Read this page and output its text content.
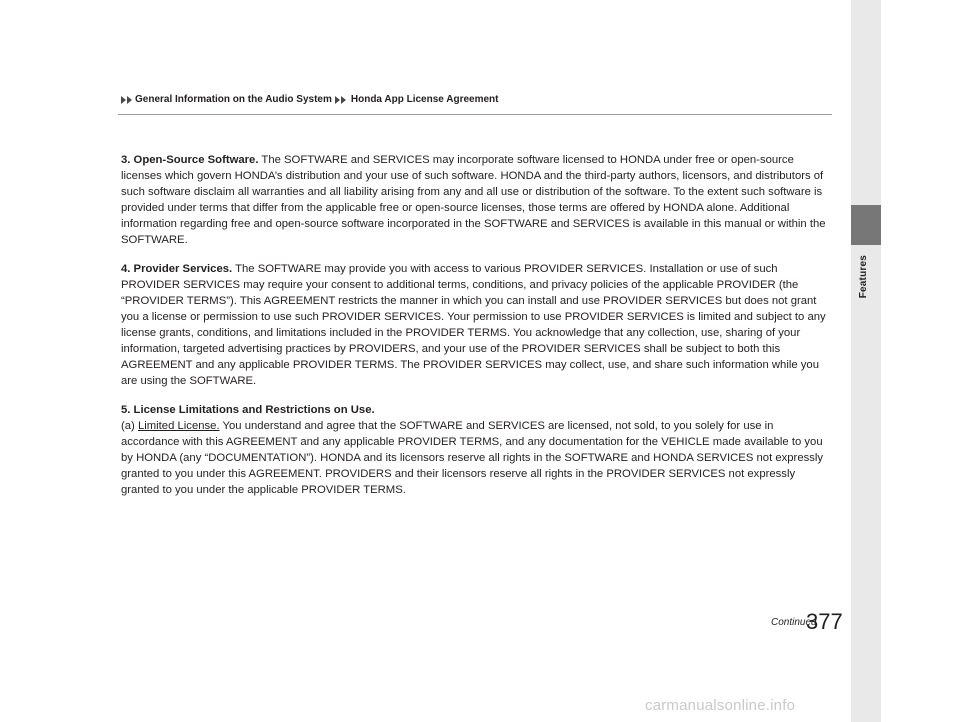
General Information on the Audio System Honda App License Agreement

3. Open-Source Software. The SOFTWARE and SERVICES may incorporate software licensed to HONDA under free or open-source licenses which govern HONDA’s distribution and your use of such software. HONDA and the third-party authors, licensors, and distributors of such software disclaim all warranties and all liability arising from any and all use or distribution of the software. To the extent such software is provided under terms that differ from the applicable free or open-source licenses, those terms are offered by HONDA alone. Additional information regarding free and open-source software incorporated in the SOFTWARE and SERVICES is available in this manual or within the SOFTWARE.

4. Provider Services. The SOFTWARE may provide you with access to various PROVIDER SERVICES. Installation or use of such PROVIDER SERVICES may require your consent to additional terms, conditions, and privacy policies of the applicable PROVIDER (the “PROVIDER TERMS”). This AGREEMENT restricts the manner in which you can install and use PROVIDER SERVICES but does not grant you a license or permission to use such PROVIDER SERVICES. Your permission to use PROVIDER SERVICES is limited and subject to any license grants, conditions, and limitations included in the PROVIDER TERMS. You acknowledge that any collection, use, sharing of your information, targeted advertising practices by PROVIDERS, and your use of the PROVIDER SERVICES shall be subject to both this AGREEMENT and any applicable PROVIDER TERMS. The PROVIDER SERVICES may collect, use, and share such information while you are using the SOFTWARE.

5. License Limitations and Restrictions on Use.
(a) Limited License. You understand and agree that the SOFTWARE and SERVICES are licensed, not sold, to you solely for use in accordance with this AGREEMENT and any applicable PROVIDER TERMS, and any documentation for the VEHICLE made available to you by HONDA (any “DOCUMENTATION”). HONDA and its licensors reserve all rights in the SOFTWARE and HONDA SERVICES not expressly granted to you under this AGREEMENT. PROVIDERS and their licensors reserve all rights in the PROVIDER SERVICES not expressly granted to you under the applicable PROVIDER TERMS.

Features
Continued
377
carmanualsonline.info
